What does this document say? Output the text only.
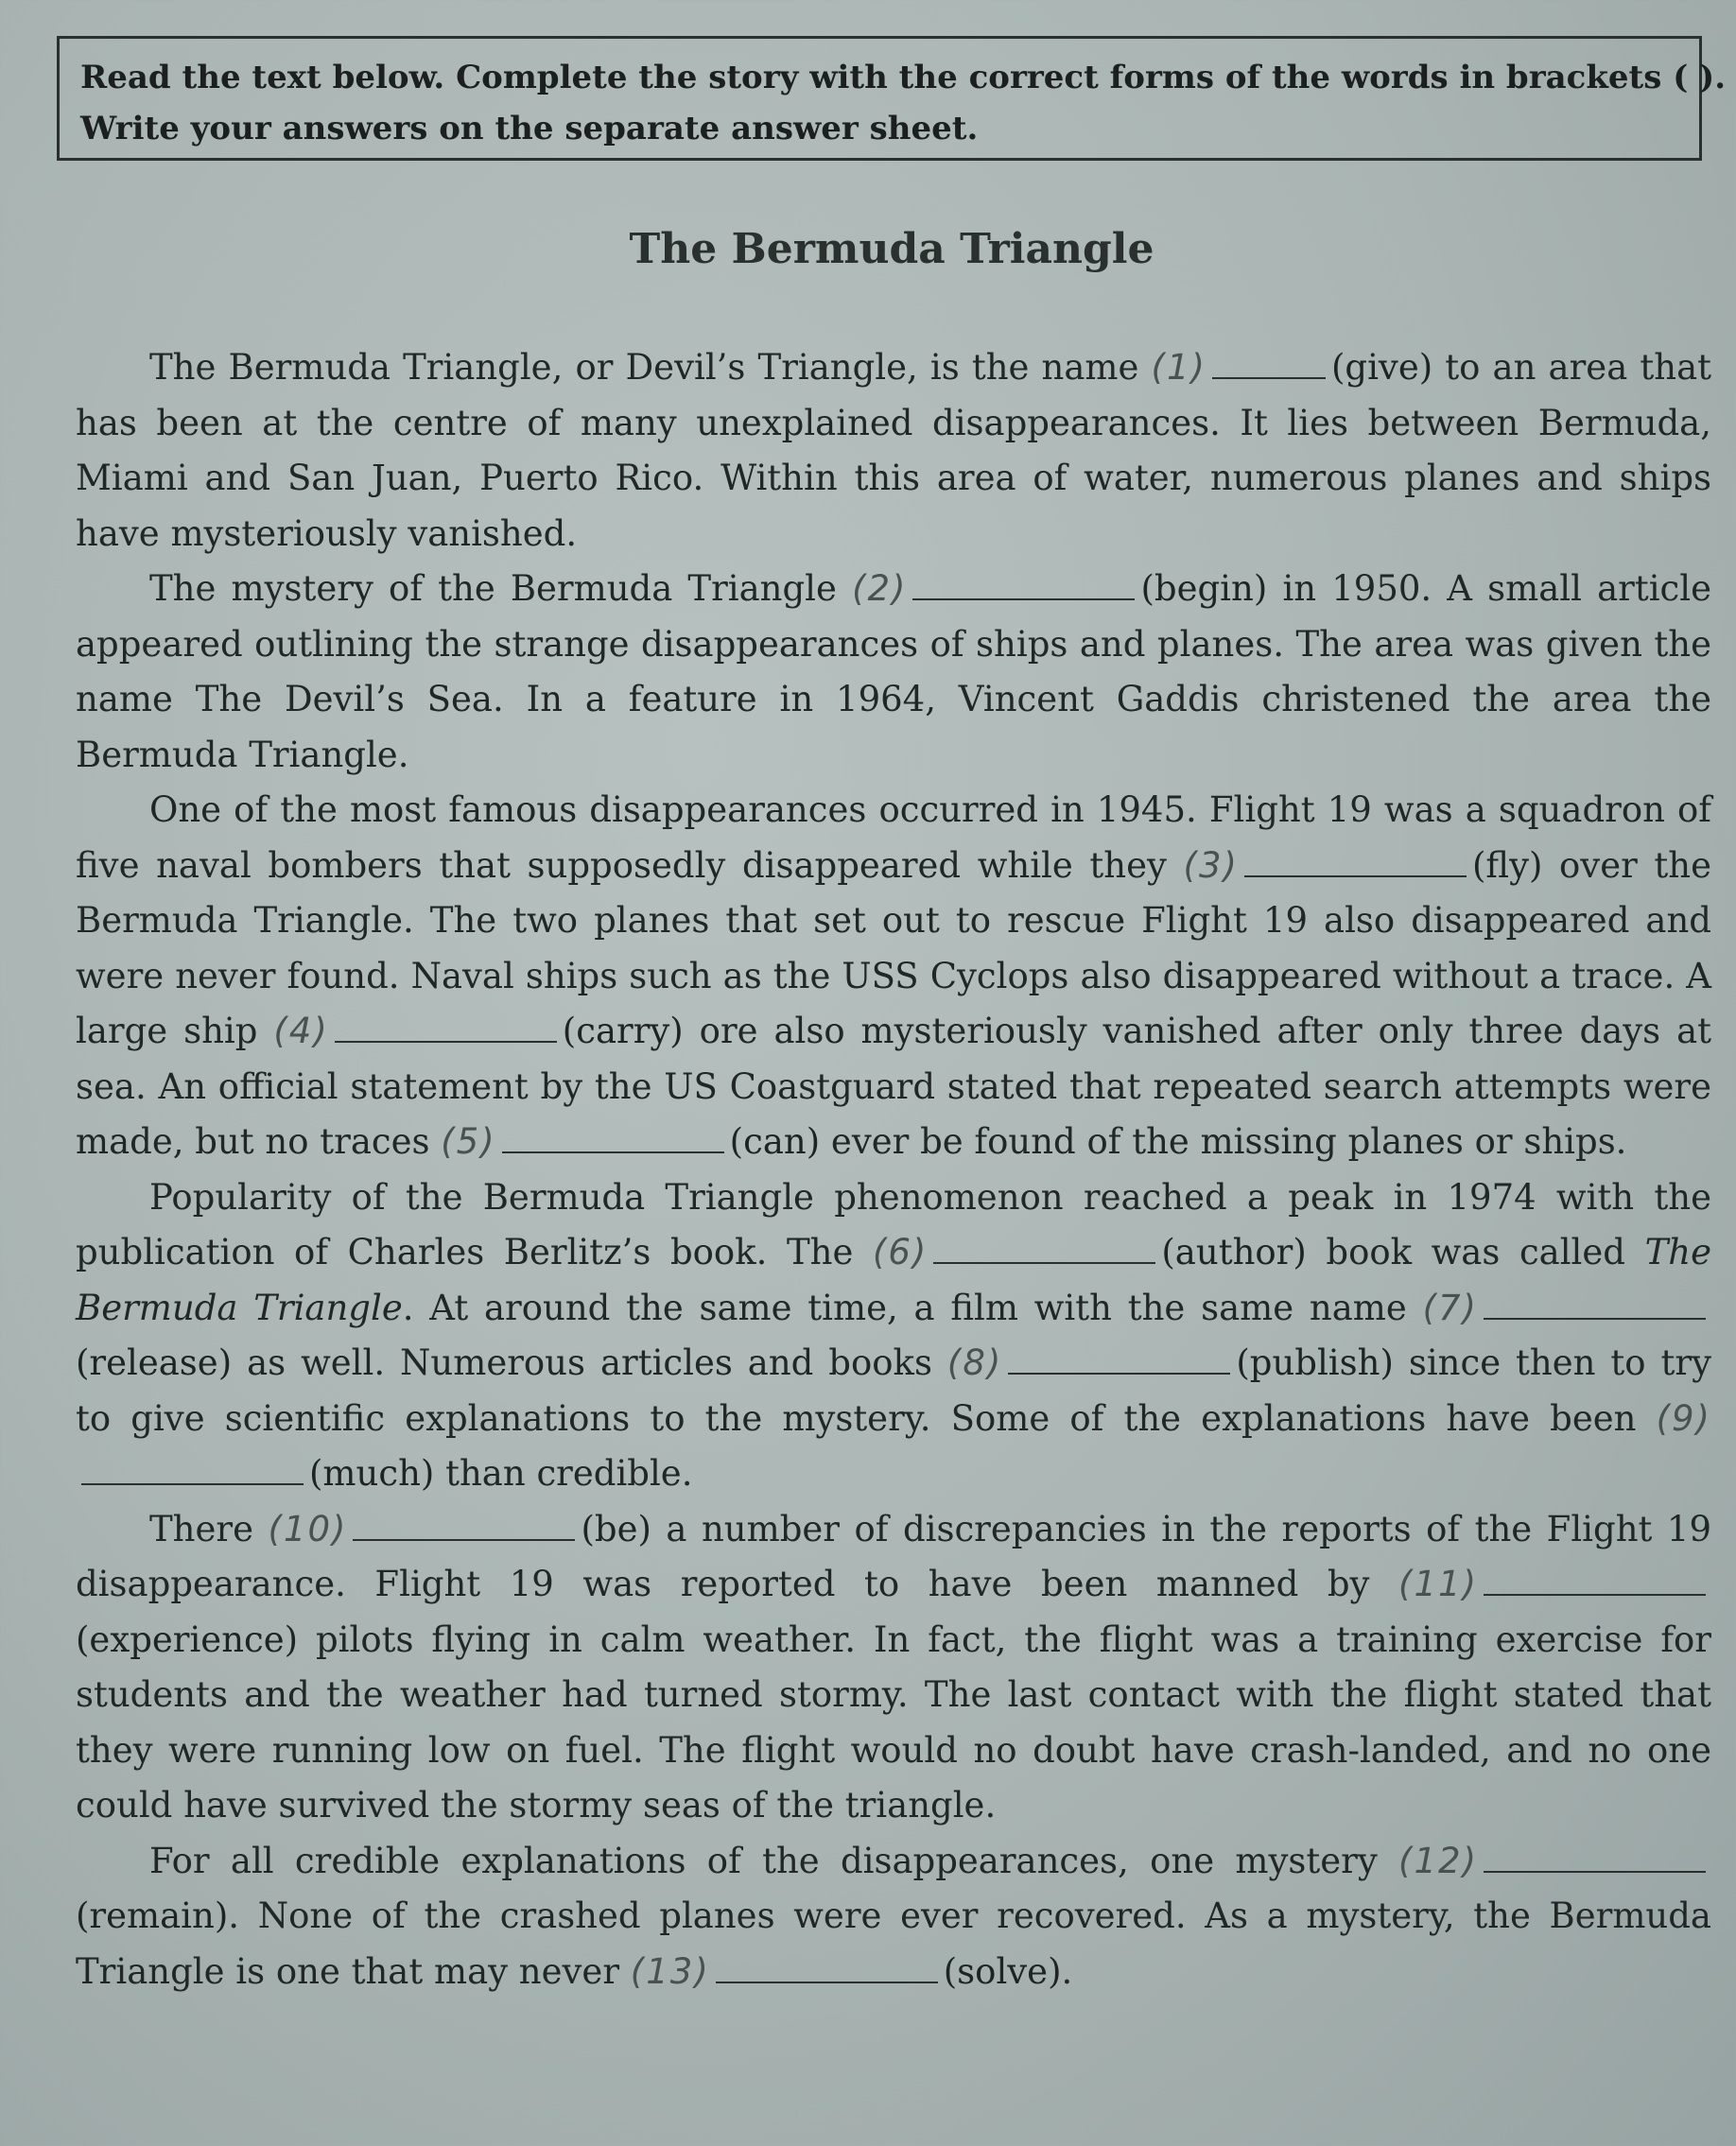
Read the text below. Complete the story with the correct forms of the words in brackets ( ).
Write your answers on the separate answer sheet.
The Bermuda Triangle

The Bermuda Triangle, or Devil’s Triangle, is the name (1)	(give) to an area that has been at the centre of many unexplained disappearances. It lies between Bermuda, Miami and San Juan, Puerto Rico. Within this area of water, numerous planes and ships have mysteriously vanished.

The mystery of the Bermuda Triangle (2)	(begin) in 1950. A small article appeared outlining the strange disappearances of ships and planes. The area was given the name The Devil’s Sea. In a feature in 1964, Vincent Gaddis christened the area the Bermuda Triangle.

One of the most famous disappearances occurred in 1945. Flight 19 was a squadron of five naval bombers that supposedly disappeared while they (3)	(fly) over the Bermuda Triangle. The two planes that set out to rescue Flight 19 also disappeared and were never found. Naval ships such as the USS Cyclops also disappeared without a trace. A large ship (4)	(carry) ore also mysteriously vanished after only three days at sea. An official statement by the US Coastguard stated that repeated search attempts were made, but no traces (5)	(can) ever be found of the missing planes or ships.

Popularity of the Bermuda Triangle phenomenon reached a peak in 1974 with the publication of Charles Berlitz’s book. The (6)	(author) book was called The Bermuda Triangle. At around the same time, a film with the same name (7)(release) as well. Numerous articles and books (8)	(publish) since then to try to give scientific explanations to the mystery. Some of the explanations have been (9)(much) than credible.

There (10)	(be) a number of discrepancies in the reports of the Flight 19 disappearance. Flight 19 was reported to have been manned by (11)(experience) pilots flying in calm weather. In fact, the flight was a training exercise for students and the weather had turned stormy. The last contact with the flight stated that they were running low on fuel. The flight would no doubt have crash-landed, and no one could have survived the stormy seas of the triangle.

For all credible explanations of the disappearances, one mystery (12)(remain). None of the crashed planes were ever recovered. As a mystery, the Bermuda Triangle is one that may never (13)	(solve).
